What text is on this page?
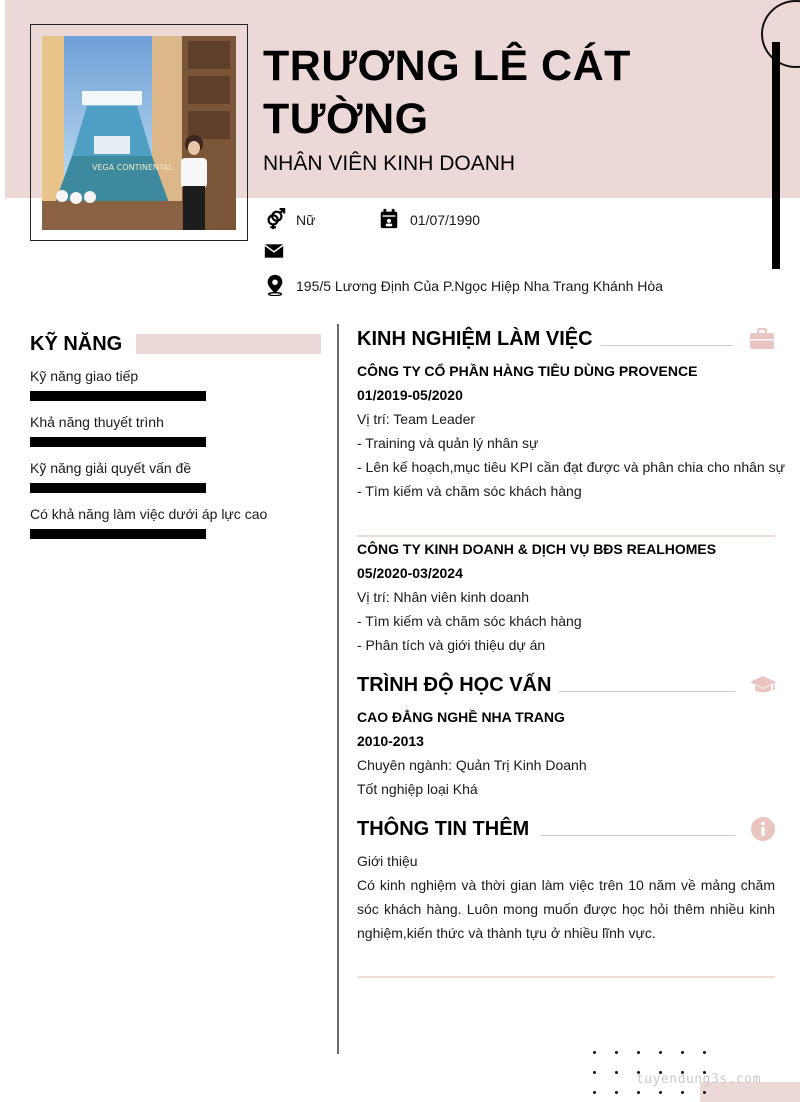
VEGA CONTINENTAL
TRƯƠNG LÊ CÁT TƯỜNG
NHÂN VIÊN KINH DOANH
Nữ	01/07/1990
195/5 Lương Định Của P.Ngọc Hiệp Nha Trang Khánh Hòa
KỸ NĂNG
Kỹ năng giao tiếp
Khả năng thuyết trình
Kỹ năng giải quyết vấn đề
Có khả năng làm việc dưới áp lực cao
KINH NGHIỆM LÀM VIỆC
CÔNG TY CỔ PHẦN HÀNG TIÊU DÙNG PROVENCE
01/2019-05/2020
Vị trí: Team Leader
- Training và quản lý nhân sự
- Lên kế hoạch,mục tiêu KPI cần đạt được và phân chia cho nhân sự
- Tìm kiếm và chăm sóc khách hàng
CÔNG TY KINH DOANH & DỊCH VỤ BĐS REALHOMES
05/2020-03/2024
Vị trí: Nhân viên kinh doanh
- Tìm kiếm và chăm sóc khách hàng
- Phân tích và giới thiệu dự án
TRÌNH ĐỘ HỌC VẤN
CAO ĐẲNG NGHỀ NHA TRANG
2010-2013
Chuyên ngành: Quản Trị Kinh Doanh
Tốt nghiệp loại Khá
THÔNG TIN THÊM
Giới thiệu
Có kinh nghiệm và thời gian làm việc trên 10 năm về mảng chăm sóc khách hàng. Luôn mong muốn được học hỏi thêm nhiều kinh nghiệm,kiến thức và thành tựu ở nhiều lĩnh vực.
tuyendung3s.com
